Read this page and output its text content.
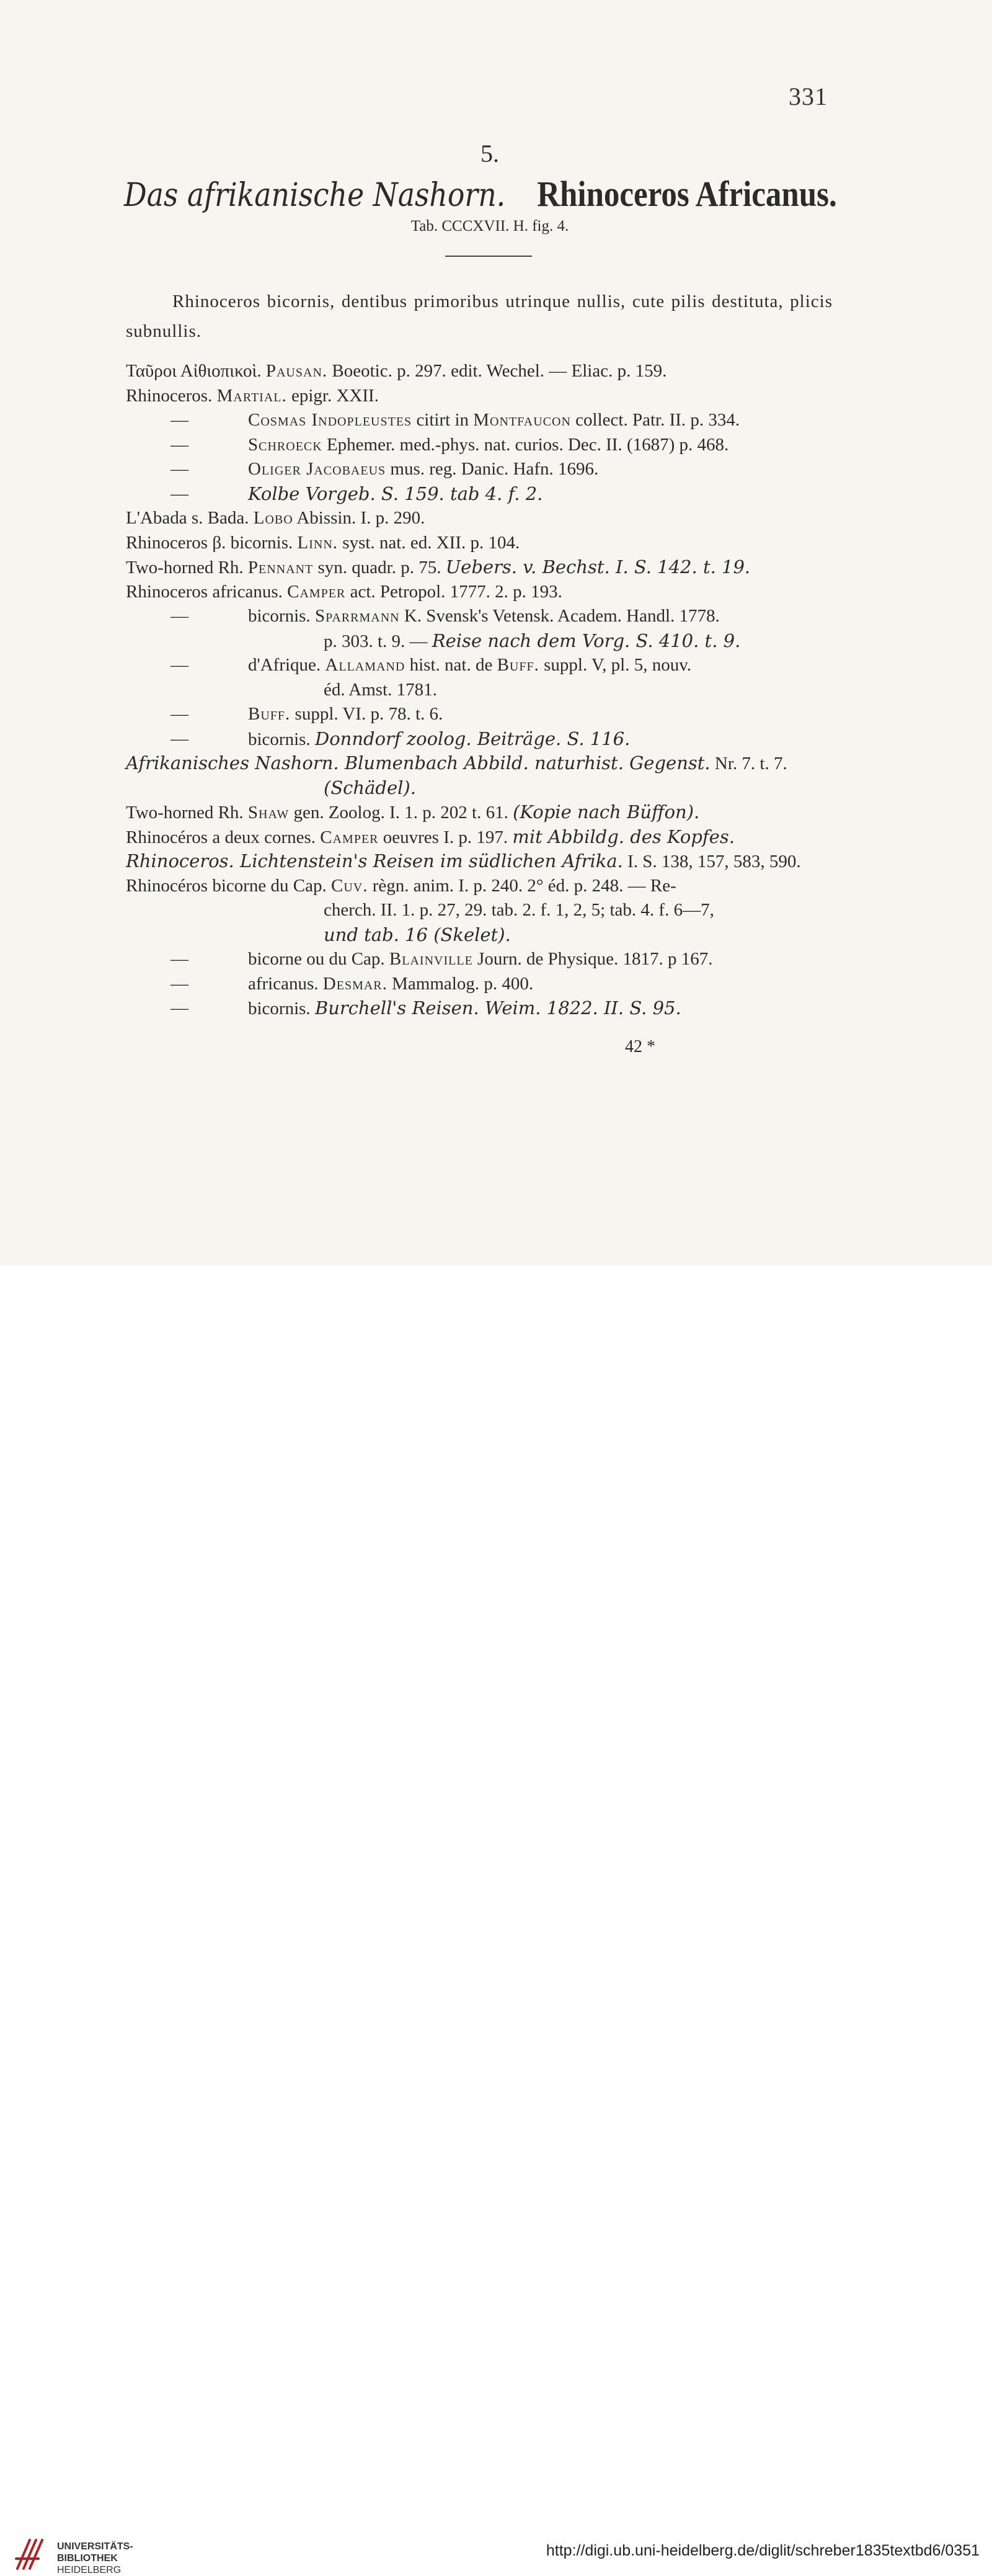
331
5.
Das afrikanische Nashorn. Rhinoceros Africanus.
Tab. CCCXVII. H. fig. 4.
Rhinoceros bicornis, dentibus primoribus utrinque nullis, cute pilis destituta, plicis subnullis.
Ταῦροι Αἰθιοπικοὶ. Pausan. Boeotic. p. 297. edit. Wechel. — Eliac. p. 159.
Rhinoceros. Martial. epigr. XXII.
—	Cosmas Indopleustes citirt in Montfaucon collect. Patr. II. p. 334.
—	Schroeck Ephemer. med.-phys. nat. curios. Dec. II. (1687) p. 468.
—	Oliger Jacobaeus mus. reg. Danic. Hafn. 1696.
—	Kolbe Vorgeb. S. 159. tab 4. f. 2.
L'Abada s. Bada. Lobo Abissin. I. p. 290.
Rhinoceros β. bicornis. Linn. syst. nat. ed. XII. p. 104.
Two-horned Rh. Pennant syn. quadr. p. 75. Uebers. v. Bechst. I. S. 142. t. 19.
Rhinoceros africanus. Camper act. Petropol. 1777. 2. p. 193.
—	bicornis. Sparrmann K. Svensk's Vetensk. Academ. Handl. 1778.
p. 303. t. 9. — Reise nach dem Vorg. S. 410. t. 9.
—	d'Afrique. Allamand hist. nat. de Buff. suppl. V, pl. 5, nouv.
éd. Amst. 1781.
—	Buff. suppl. VI. p. 78. t. 6.
—	bicornis. Donndorf zoolog. Beiträge. S. 116.
Afrikanisches Nashorn. Blumenbach Abbild. naturhist. Gegenst. Nr. 7. t. 7.
(Schädel).
Two-horned Rh. Shaw gen. Zoolog. I. 1. p. 202 t. 61. (Kopie nach Büffon).
Rhinocéros a deux cornes. Camper oeuvres I. p. 197. mit Abbildg. des Kopfes.
Rhinoceros. Lichtenstein's Reisen im südlichen Afrika. I. S. 138, 157, 583, 590.
Rhinocéros bicorne du Cap. Cuv. règn. anim. I. p. 240. 2° éd. p. 248. — Re-
cherch. II. 1. p. 27, 29. tab. 2. f. 1, 2, 5; tab. 4. f. 6—7,
und tab. 16 (Skelet).
—	bicorne ou du Cap. Blainville Journ. de Physique. 1817. p 167.
—	africanus. Desmar. Mammalog. p. 400.
—	bicornis. Burchell's Reisen. Weim. 1822. II. S. 95.
42 *
UNIVERSITÄTS-
BIBLIOTHEK
HEIDELBERG
http://digi.ub.uni-heidelberg.de/diglit/schreber1835textbd6/0351
